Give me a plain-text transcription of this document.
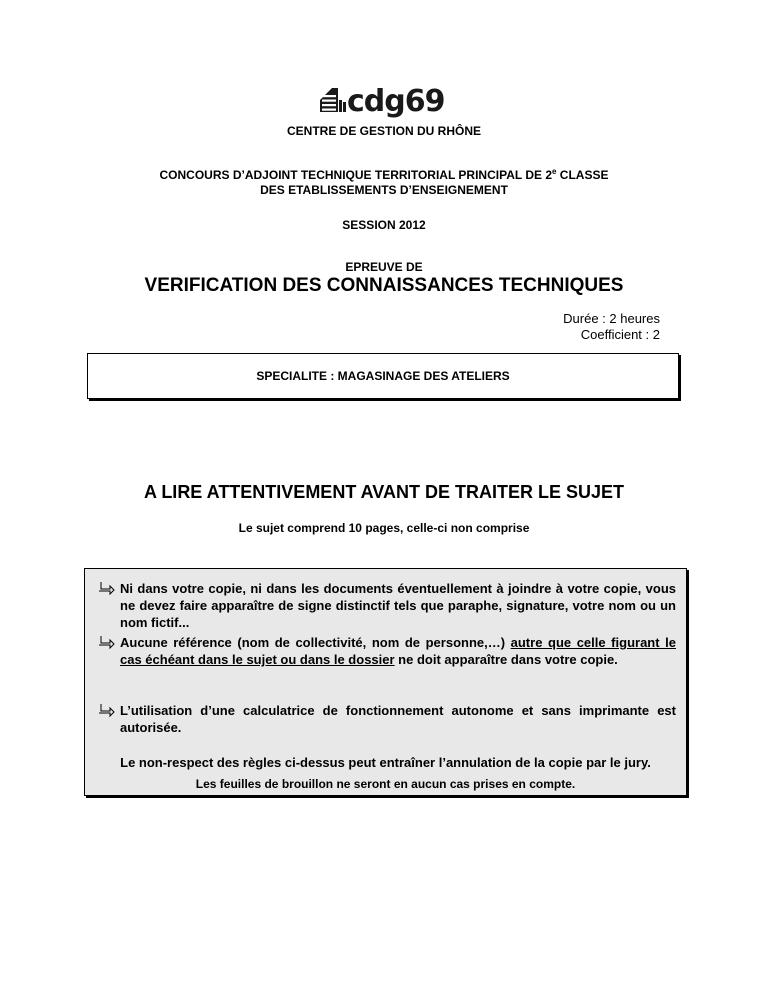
cdg69
CENTRE DE GESTION DU RHÔNE
CONCOURS D’ADJOINT TECHNIQUE TERRITORIAL PRINCIPAL DE 2e CLASSE
DES ETABLISSEMENTS D’ENSEIGNEMENT
SESSION 2012
EPREUVE DE
VERIFICATION DES CONNAISSANCES TECHNIQUES
Durée : 2 heures
Coefficient : 2
SPECIALITE : MAGASINAGE DES ATELIERS
A LIRE ATTENTIVEMENT AVANT DE TRAITER LE SUJET
Le sujet comprend 10 pages, celle-ci non comprise
Ni dans votre copie, ni dans les documents éventuellement à joindre à votre copie, vous ne devez faire apparaître de signe distinctif tels que paraphe, signature, votre nom ou un nom fictif...
Aucune référence (nom de collectivité, nom de personne,…) autre que celle figurant le cas échéant dans le sujet ou dans le dossier ne doit apparaître dans votre copie.
L’utilisation d’une calculatrice de fonctionnement autonome et sans imprimante est autorisée.
Le non-respect des règles ci-dessus peut entraîner l’annulation de la copie par le jury.
Les feuilles de brouillon ne seront en aucun cas prises en compte.
